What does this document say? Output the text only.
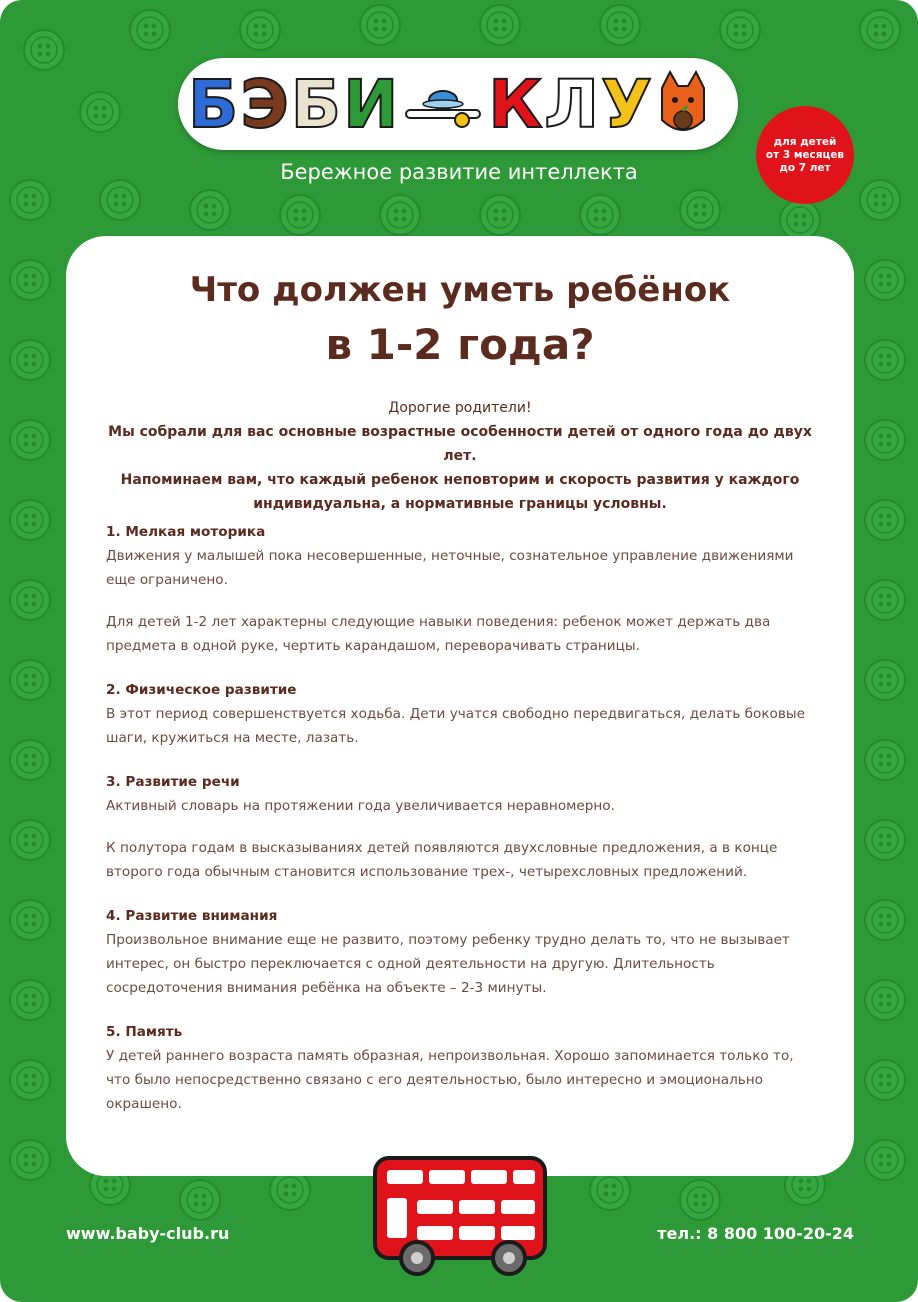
Б Э Б И К Л У
Бережное развитие интеллекта
для детей
от 3 месяцев
до 7 лет
Что должен уметь ребёнок
в 1-2 года?
Дорогие родители!
Мы собрали для вас основные возрастные особенности детей от одного года до двух лет.
Напоминаем вам, что каждый ребенок неповторим и скорость развития у каждого
индивидуальна, а нормативные границы условны.

1. Мелкая моторика

Движения у малышей пока несовершенные, неточные, сознательное управление движениями еще ограничено.

Для детей 1-2 лет характерны следующие навыки поведения: ребенок может держать два предмета в одной руке, чертить карандашом, переворачивать страницы.

2. Физическое развитие

В этот период совершенствуется ходьба. Дети учатся свободно передвигаться, делать боковые шаги, кружиться на месте, лазать.

3. Развитие речи

Активный словарь на протяжении года увеличивается неравномерно.

К полутора годам в высказываниях детей появляются двухсловные предложения, а в конце второго года обычным становится использование трех-, четырехсловных предложений.

4. Развитие внимания

Произвольное внимание еще не развито, поэтому ребенку трудно делать то, что не вызывает интерес, он быстро переключается с одной деятельности на другую. Длительность сосредоточения внимания ребёнка на объекте – 2-3 минуты.

5. Память

У детей раннего возраста память образная, непроизвольная. Хорошо запоминается только то, что было непосредственно связано с его деятельностью, было интересно и эмоционально окрашено.

www.baby-club.ru	тел.: 8 800 100-20-24
